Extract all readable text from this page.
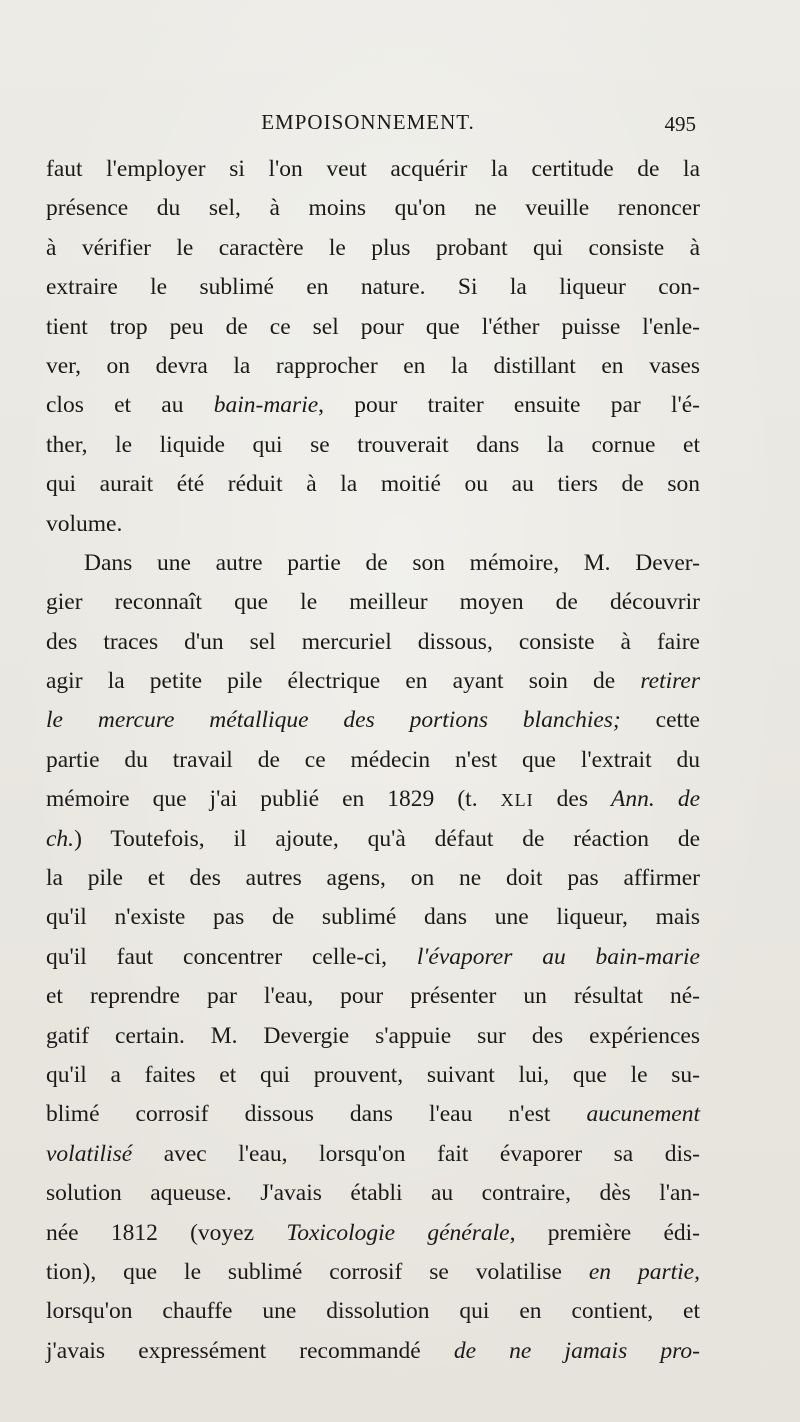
EMPOISONNEMENT.	495
faut l'employer si l'on veut acquérir la certitude de la
présence du sel, à moins qu'on ne veuille renoncer
à vérifier le caractère le plus probant qui consiste à
extraire le sublimé en nature. Si la liqueur con-
tient trop peu de ce sel pour que l'éther puisse l'enle-
ver, on devra la rapprocher en la distillant en vases
clos et au bain-marie, pour traiter ensuite par l'é-
ther, le liquide qui se trouverait dans la cornue et
qui aurait été réduit à la moitié ou au tiers de son
volume.
Dans une autre partie de son mémoire, M. Dever-
gier reconnaît que le meilleur moyen de découvrir
des traces d'un sel mercuriel dissous, consiste à faire
agir la petite pile électrique en ayant soin de retirer
le mercure métallique des portions blanchies; cette
partie du travail de ce médecin n'est que l'extrait du
mémoire que j'ai publié en 1829 (t. XLI des Ann. de
ch.) Toutefois, il ajoute, qu'à défaut de réaction de
la pile et des autres agens, on ne doit pas affirmer
qu'il n'existe pas de sublimé dans une liqueur, mais
qu'il faut concentrer celle-ci, l'évaporer au bain-marie
et reprendre par l'eau, pour présenter un résultat né-
gatif certain. M. Devergie s'appuie sur des expériences
qu'il a faites et qui prouvent, suivant lui, que le su-
blimé corrosif dissous dans l'eau n'est aucunement
volatilisé avec l'eau, lorsqu'on fait évaporer sa dis-
solution aqueuse. J'avais établi au contraire, dès l'an-
née 1812 (voyez Toxicologie générale, première édi-
tion), que le sublimé corrosif se volatilise en partie,
lorsqu'on chauffe une dissolution qui en contient, et
j'avais expressément recommandé de ne jamais pro-
